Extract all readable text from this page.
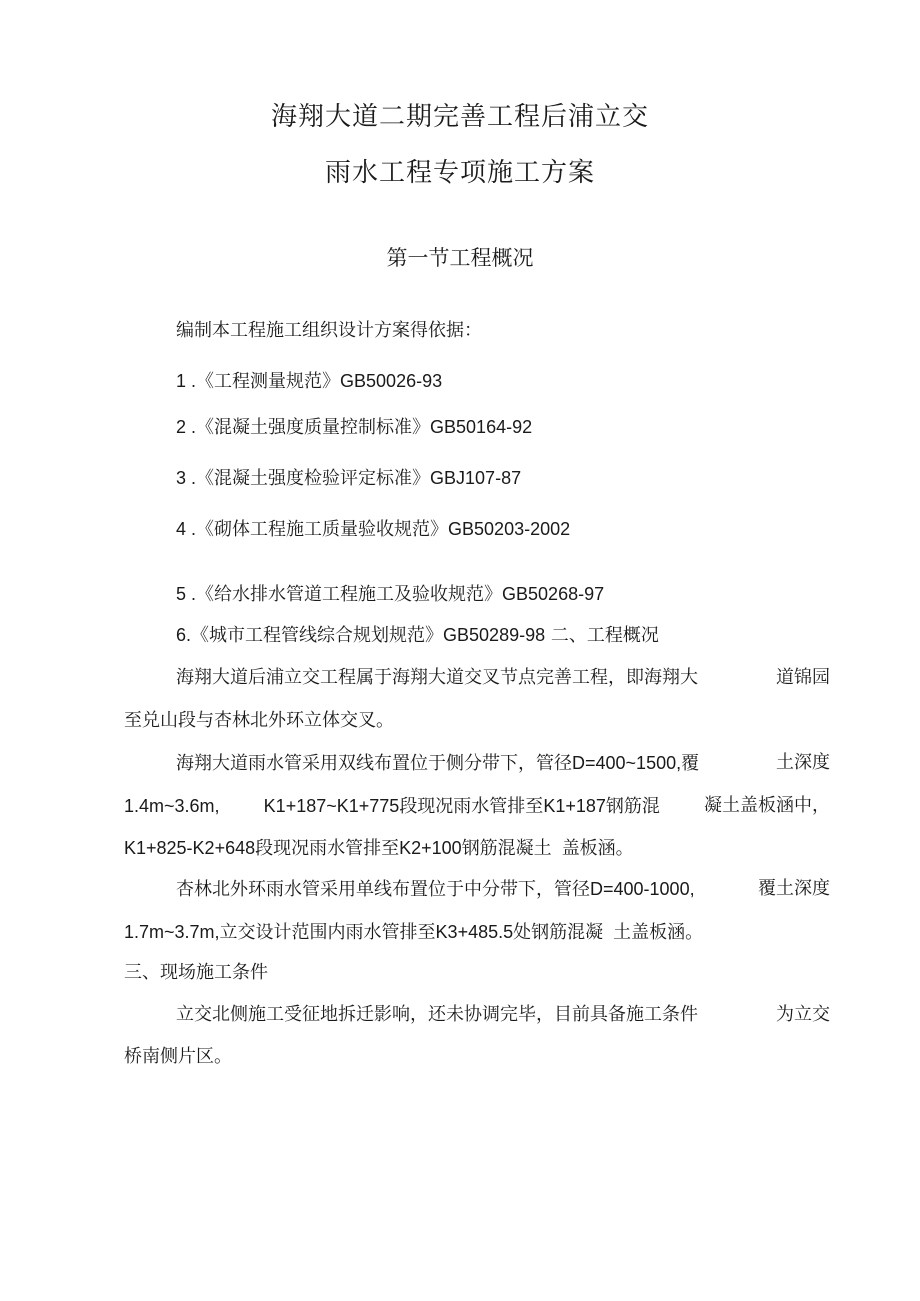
海翔大道二期完善工程后浦立交
雨水工程专项施工方案
第一节工程概况
编制本工程施工组织设计方案得依据：
1 .《工程测量规范》GB50026-93
2 .《混凝土强度质量控制标准》GB50164-92
3 .《混凝土强度检验评定标准》GBJ107-87
4 .《砌体工程施工质量验收规范》GB50203-2002
5 .《给水排水管道工程施工及验收规范》GB50268-97
6.《城市工程管线综合规划规范》GB50289-98 二、工程概况
海翔大道后浦立交工程属于海翔大道交叉节点完善工程，即海翔大	道锦园
至兑山段与杏林北外环立体交叉。
海翔大道雨水管采用双线布置位于侧分带下，管径D=400~1500,覆	土深度
1.4m~3.6m, K1+187~K1+775段现况雨水管排至K1+187钢筋混 凝土盖板涵中，
K1+825-K2+648段现况雨水管排至K2+100钢筋混凝土 盖板涵。
杏林北外环雨水管采用单线布置位于中分带下，管径D=400-1000,	覆土深度
1.7m~3.7m,立交设计范围内雨水管排至K3+485.5处钢筋混凝 土盖板涵。
三、现场施工条件
立交北侧施工受征地拆迁影响，还未协调完毕，目前具备施工条件	为立交
桥南侧片区。
